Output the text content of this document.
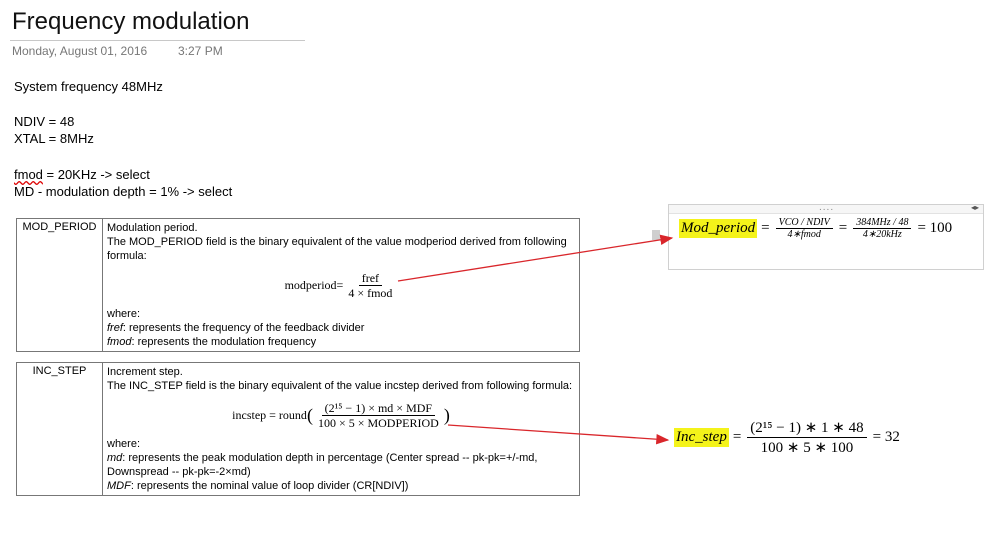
Frequency modulation
Monday, August 01, 2016	3:27 PM
System frequency 48MHz
NDIV = 48
XTAL = 8MHz
fmod = 20KHz -> select
MD - modulation depth = 1% -> select
MOD_PERIOD	Modulation period.
The MOD_PERIOD field is the binary equivalent of the value modperiod derived from following formula:
modperiod= $\frac{\text{fref}}{\text{4 × fmod}}$
where:
fref: represents the frequency of the feedback divider
fmod: represents the modulation frequency
INC_STEP	Increment step.
The INC_STEP field is the binary equivalent of the value incstep derived from following formula:
incstep = round ( $\frac{\text{(2¹⁵ − 1) × md × MDF}}{\text{100 × 5 × MODPERIOD}}$ )
where:
md: represents the peak modulation depth in percentage (Center spread -- pk-pk=+/-md, Downspread -- pk-pk=-2×md)
MDF: represents the nominal value of loop divider (CR[NDIV])
....	◂▸
Mod_period = $\frac{\text{VCO / NDIV}}{\text{4∗fmod}} = \frac{\text{384MHz / 48}}{\text{4∗20kHz}} = 100$
Inc_step = $\frac{\text{(2¹⁵ − 1) ∗ 1 ∗ 48}}{100 ∗ 5 ∗ 100} = 32$
